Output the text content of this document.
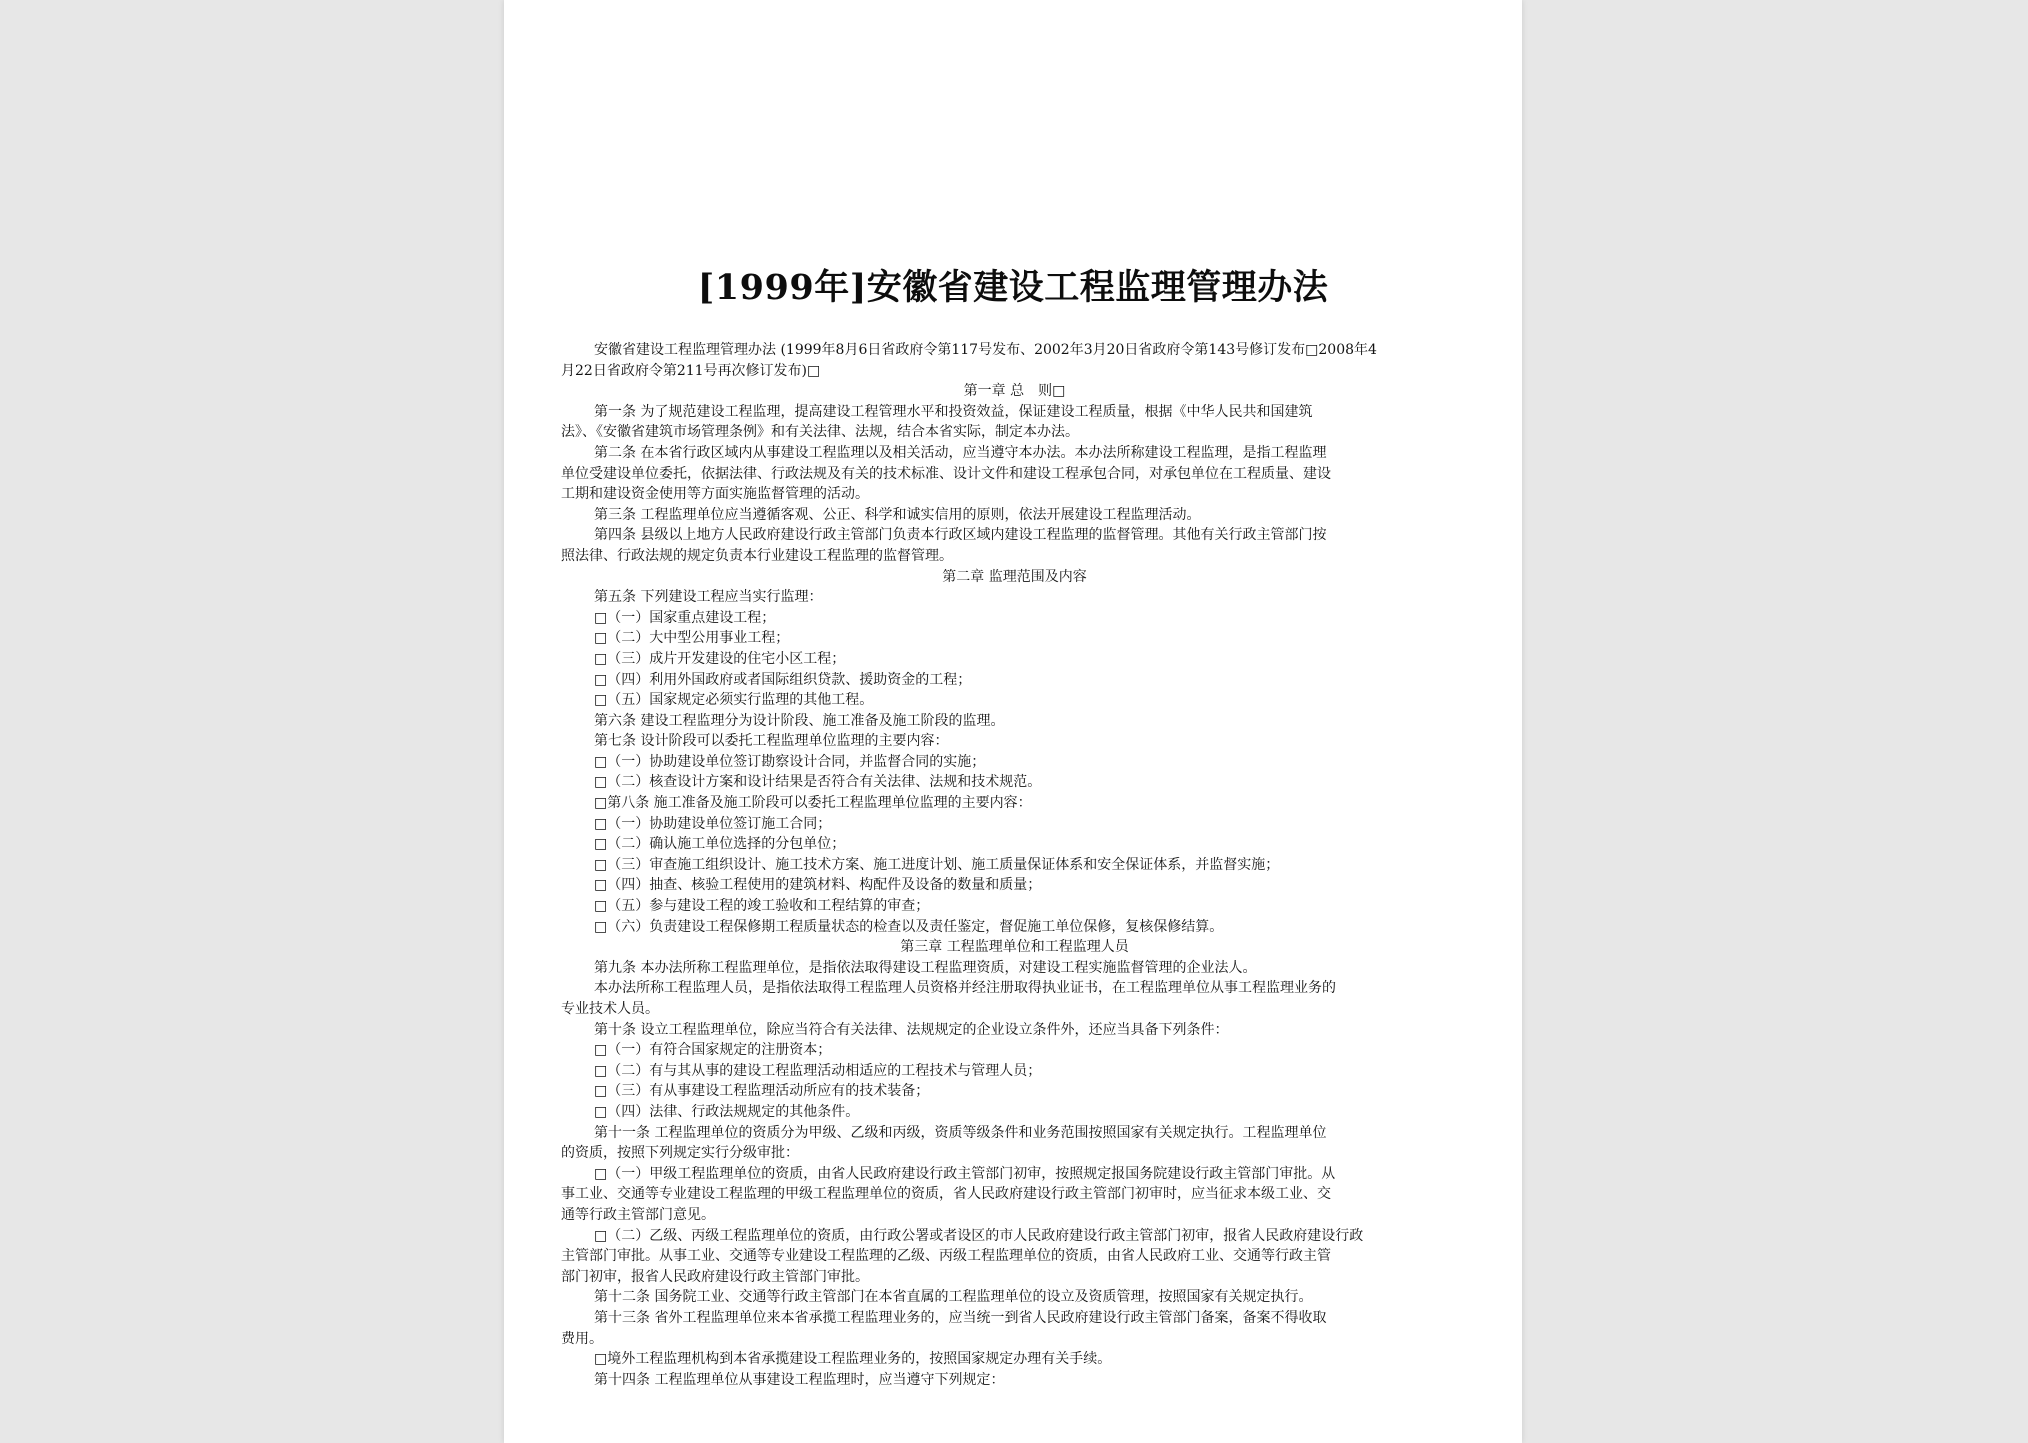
[1999年]安徽省建设工程监理管理办法
安徽省建设工程监理管理办法 (1999年8月6日省政府令第117号发布、2002年3月20日省政府令第143号修订发布□2008年4
月22日省政府令第211号再次修订发布)□
第一章 总　则□
第一条 为了规范建设工程监理，提高建设工程管理水平和投资效益，保证建设工程质量，根据《中华人民共和国建筑
法》、《安徽省建筑市场管理条例》和有关法律、法规，结合本省实际，制定本办法。
第二条 在本省行政区域内从事建设工程监理以及相关活动，应当遵守本办法。本办法所称建设工程监理，是指工程监理
单位受建设单位委托，依据法律、行政法规及有关的技术标准、设计文件和建设工程承包合同，对承包单位在工程质量、建设
工期和建设资金使用等方面实施监督管理的活动。
第三条 工程监理单位应当遵循客观、公正、科学和诚实信用的原则，依法开展建设工程监理活动。
第四条 县级以上地方人民政府建设行政主管部门负责本行政区域内建设工程监理的监督管理。其他有关行政主管部门按
照法律、行政法规的规定负责本行业建设工程监理的监督管理。
第二章 监理范围及内容
第五条 下列建设工程应当实行监理：
□（一）国家重点建设工程；
□（二）大中型公用事业工程；
□（三）成片开发建设的住宅小区工程；
□（四）利用外国政府或者国际组织贷款、援助资金的工程；
□（五）国家规定必须实行监理的其他工程。
第六条 建设工程监理分为设计阶段、施工准备及施工阶段的监理。
第七条 设计阶段可以委托工程监理单位监理的主要内容：
□（一）协助建设单位签订勘察设计合同，并监督合同的实施；
□（二）核查设计方案和设计结果是否符合有关法律、法规和技术规范。
□第八条 施工准备及施工阶段可以委托工程监理单位监理的主要内容：
□（一）协助建设单位签订施工合同；
□（二）确认施工单位选择的分包单位；
□（三）审查施工组织设计、施工技术方案、施工进度计划、施工质量保证体系和安全保证体系，并监督实施；
□（四）抽查、核验工程使用的建筑材料、构配件及设备的数量和质量；
□（五）参与建设工程的竣工验收和工程结算的审查；
□（六）负责建设工程保修期工程质量状态的检查以及责任鉴定，督促施工单位保修，复核保修结算。
第三章 工程监理单位和工程监理人员
第九条 本办法所称工程监理单位，是指依法取得建设工程监理资质，对建设工程实施监督管理的企业法人。
本办法所称工程监理人员，是指依法取得工程监理人员资格并经注册取得执业证书，在工程监理单位从事工程监理业务的
专业技术人员。
第十条 设立工程监理单位，除应当符合有关法律、法规规定的企业设立条件外，还应当具备下列条件：
□（一）有符合国家规定的注册资本；
□（二）有与其从事的建设工程监理活动相适应的工程技术与管理人员；
□（三）有从事建设工程监理活动所应有的技术装备；
□（四）法律、行政法规规定的其他条件。
第十一条 工程监理单位的资质分为甲级、乙级和丙级，资质等级条件和业务范围按照国家有关规定执行。工程监理单位
的资质，按照下列规定实行分级审批：
□（一）甲级工程监理单位的资质，由省人民政府建设行政主管部门初审，按照规定报国务院建设行政主管部门审批。从
事工业、交通等专业建设工程监理的甲级工程监理单位的资质，省人民政府建设行政主管部门初审时，应当征求本级工业、交
通等行政主管部门意见。
□（二）乙级、丙级工程监理单位的资质，由行政公署或者设区的市人民政府建设行政主管部门初审，报省人民政府建设行政
主管部门审批。从事工业、交通等专业建设工程监理的乙级、丙级工程监理单位的资质，由省人民政府工业、交通等行政主管
部门初审，报省人民政府建设行政主管部门审批。
第十二条 国务院工业、交通等行政主管部门在本省直属的工程监理单位的设立及资质管理，按照国家有关规定执行。
第十三条 省外工程监理单位来本省承揽工程监理业务的，应当统一到省人民政府建设行政主管部门备案，备案不得收取
费用。
□境外工程监理机构到本省承揽建设工程监理业务的，按照国家规定办理有关手续。
第十四条 工程监理单位从事建设工程监理时，应当遵守下列规定：
